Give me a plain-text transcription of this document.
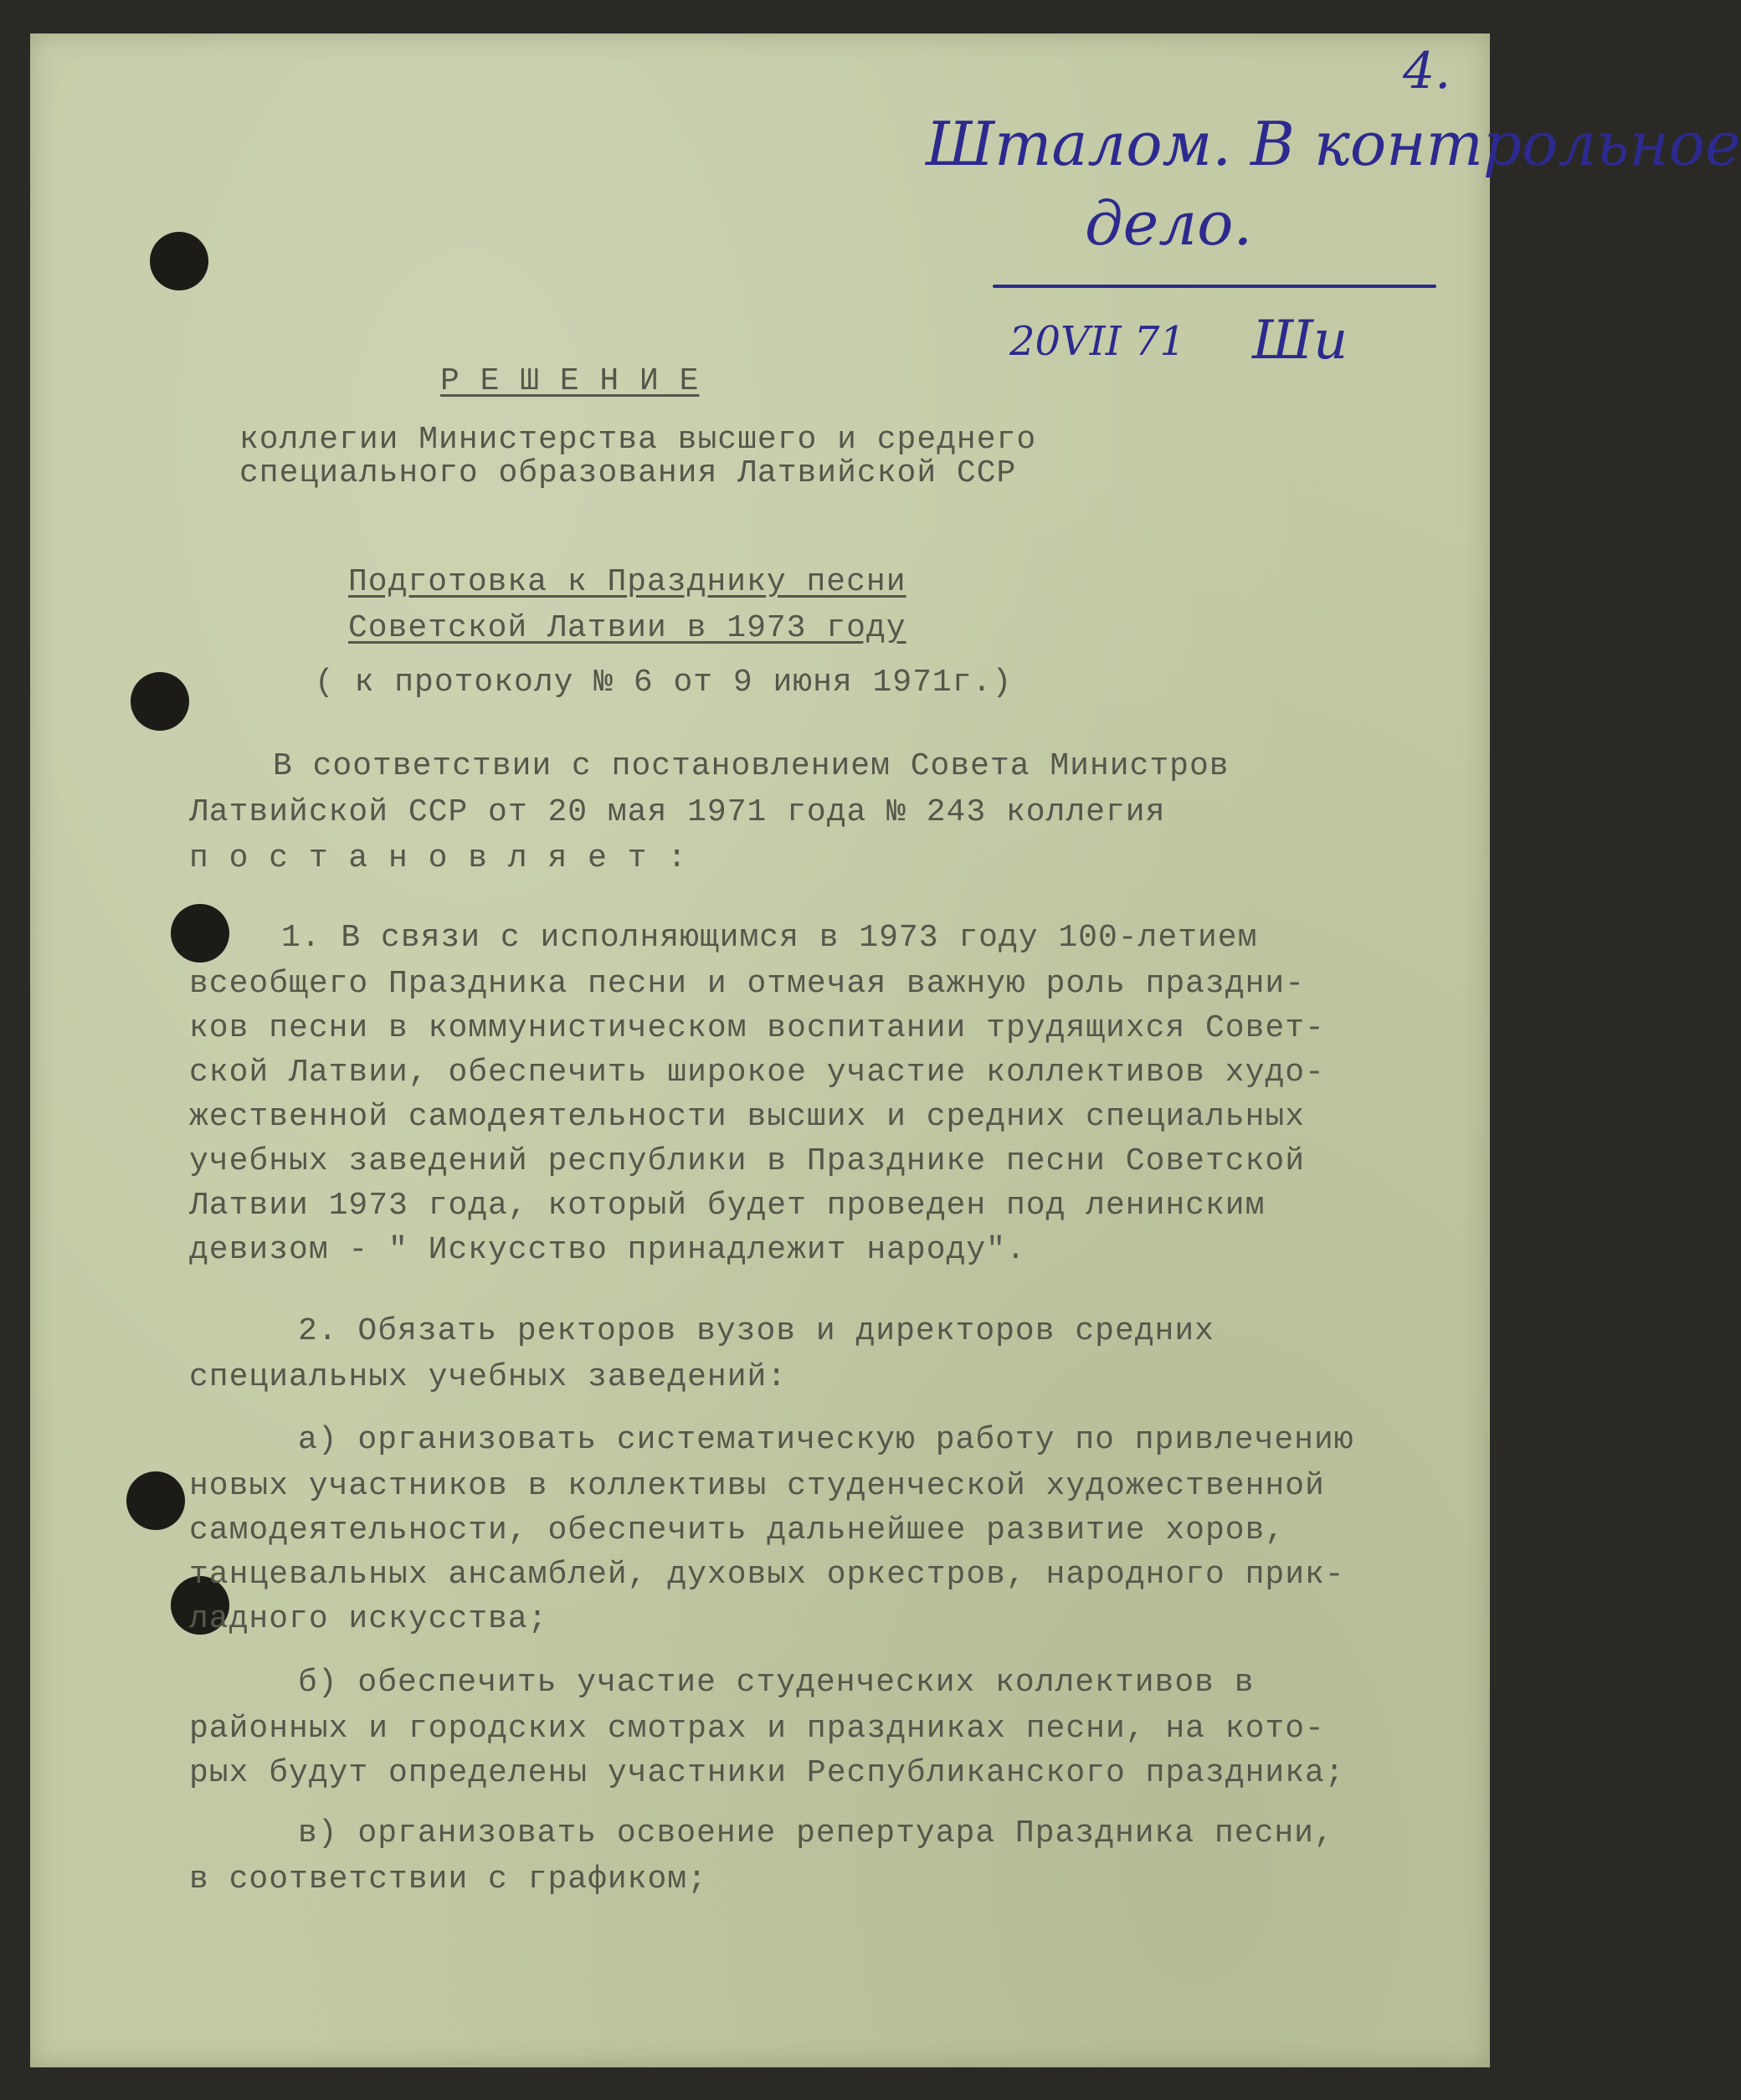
4.
Шталом. В контрольное
дело.
20VII 71 Ши
Р Е Ш Е Н И Е
коллегии Министерства высшего и среднего
специального образования Латвийской ССР
Подготовка к Празднику песни
Советской Латвии в 1973 году
( к протоколу № 6 от 9 июня 1971г.)
В соответствии с постановлением Совета Министров
Латвийской ССР от 20 мая 1971 года № 243 коллегия
п о с т а н о в л я е т :
1. В связи с исполняющимся в 1973 году 100-летием
всеобщего Праздника песни и отмечая важную роль праздни-
ков песни в коммунистическом воспитании трудящихся Совет-
ской Латвии, обеспечить широкое участие коллективов худо-
жественной самодеятельности высших и средних специальных
учебных заведений республики в Празднике песни Советской
Латвии 1973 года, который будет проведен под ленинским
девизом - " Искусство принадлежит народу".
2. Обязать ректоров вузов и директоров средних
специальных учебных заведений:
а) организовать систематическую работу по привлечению
новых участников в коллективы студенческой художественной
самодеятельности, обеспечить дальнейшее развитие хоров,
танцевальных ансамблей, духовых оркестров, народного прик-
ладного искусства;
б) обеспечить участие студенческих коллективов в
районных и городских смотрах и праздниках песни, на кото-
рых будут определены участники Республиканского праздника;
в) организовать освоение репертуара Праздника песни,
в соответствии с графиком;
